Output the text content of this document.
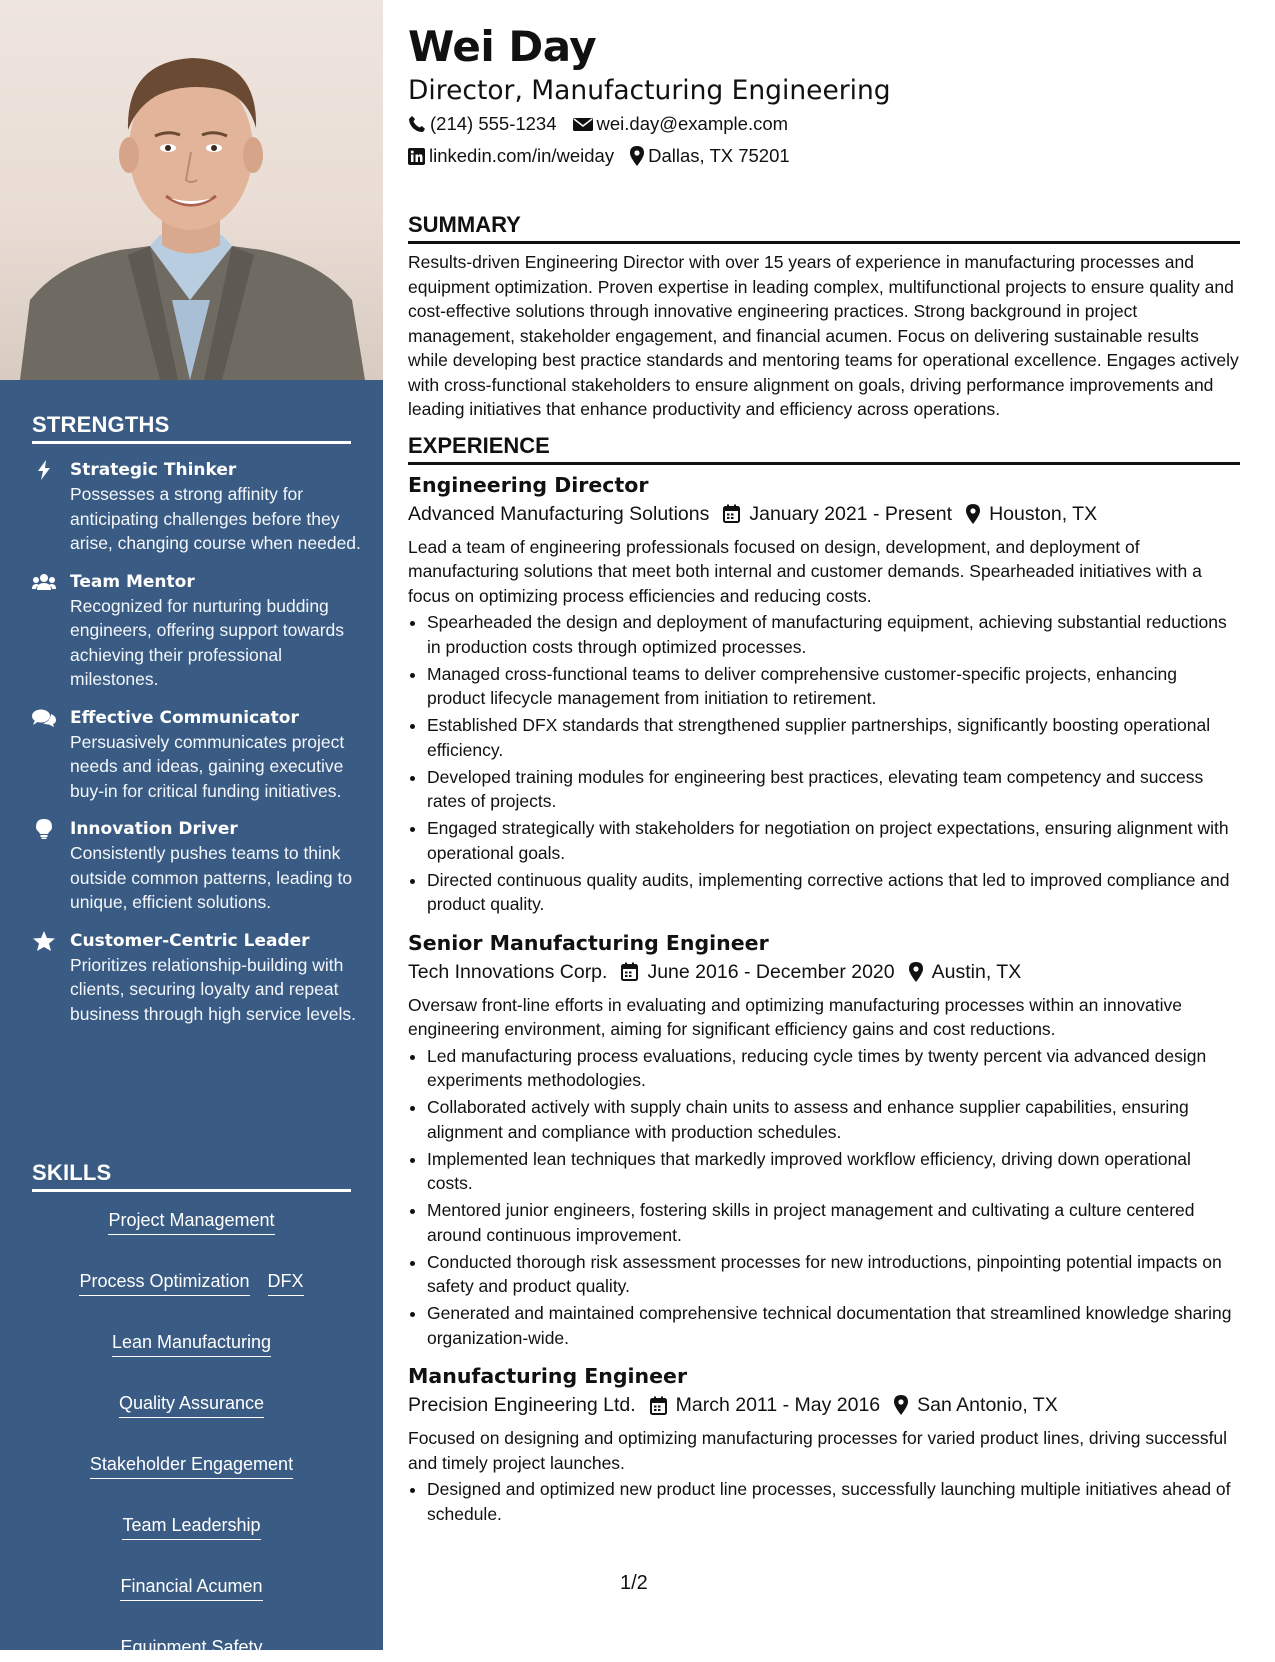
STRENGTHS
Strategic Thinker
Possesses a strong affinity for anticipating challenges before they arise, changing course when needed.
Team Mentor
Recognized for nurturing budding engineers, offering support towards achieving their professional milestones.
Effective Communicator
Persuasively communicates project needs and ideas, gaining executive buy-in for critical funding initiatives.
Innovation Driver
Consistently pushes teams to think outside common patterns, leading to unique, efficient solutions.
Customer-Centric Leader
Prioritizes relationship-building with clients, securing loyalty and repeat business through high service levels.
SKILLS
Project Management
Process Optimization DFX
Lean Manufacturing
Quality Assurance
Stakeholder Engagement
Team Leadership
Financial Acumen
Equipment Safety
Wei Day
Director, Manufacturing Engineering
(214) 555-1234 wei.day@example.com
linkedin.com/in/weiday Dallas, TX 75201
SUMMARY

Results-driven Engineering Director with over 15 years of experience in manufacturing processes and equipment optimization. Proven expertise in leading complex, multifunctional projects to ensure quality and cost-effective solutions through innovative engineering practices. Strong background in project management, stakeholder engagement, and financial acumen. Focus on delivering sustainable results while developing best practice standards and mentoring teams for operational excellence. Engages actively with cross-functional stakeholders to ensure alignment on goals, driving performance improvements and leading initiatives that enhance productivity and efficiency across operations.

EXPERIENCE
Engineering Director
Advanced Manufacturing Solutions January 2021 - Present Houston, TX

Lead a team of engineering professionals focused on design, development, and deployment of manufacturing solutions that meet both internal and customer demands. Spearheaded initiatives with a focus on optimizing process efficiencies and reducing costs.

• Spearheaded the design and deployment of manufacturing equipment, achieving substantial reductions in production costs through optimized processes.
• Managed cross-functional teams to deliver comprehensive customer-specific projects, enhancing product lifecycle management from initiation to retirement.
• Established DFX standards that strengthened supplier partnerships, significantly boosting operational efficiency.
• Developed training modules for engineering best practices, elevating team competency and success rates of projects.
• Engaged strategically with stakeholders for negotiation on project expectations, ensuring alignment with operational goals.
• Directed continuous quality audits, implementing corrective actions that led to improved compliance and product quality.
Senior Manufacturing Engineer
Tech Innovations Corp. June 2016 - December 2020 Austin, TX

Oversaw front-line efforts in evaluating and optimizing manufacturing processes within an innovative engineering environment, aiming for significant efficiency gains and cost reductions.

• Led manufacturing process evaluations, reducing cycle times by twenty percent via advanced design experiments methodologies.
• Collaborated actively with supply chain units to assess and enhance supplier capabilities, ensuring alignment and compliance with production schedules.
• Implemented lean techniques that markedly improved workflow efficiency, driving down operational costs.
• Mentored junior engineers, fostering skills in project management and cultivating a culture centered around continuous improvement.
• Conducted thorough risk assessment processes for new introductions, pinpointing potential impacts on safety and product quality.
• Generated and maintained comprehensive technical documentation that streamlined knowledge sharing organization-wide.
Manufacturing Engineer
Precision Engineering Ltd. March 2011 - May 2016 San Antonio, TX

Focused on designing and optimizing manufacturing processes for varied product lines, driving successful and timely project launches.

• Designed and optimized new product line processes, successfully launching multiple initiatives ahead of schedule.
1/2
